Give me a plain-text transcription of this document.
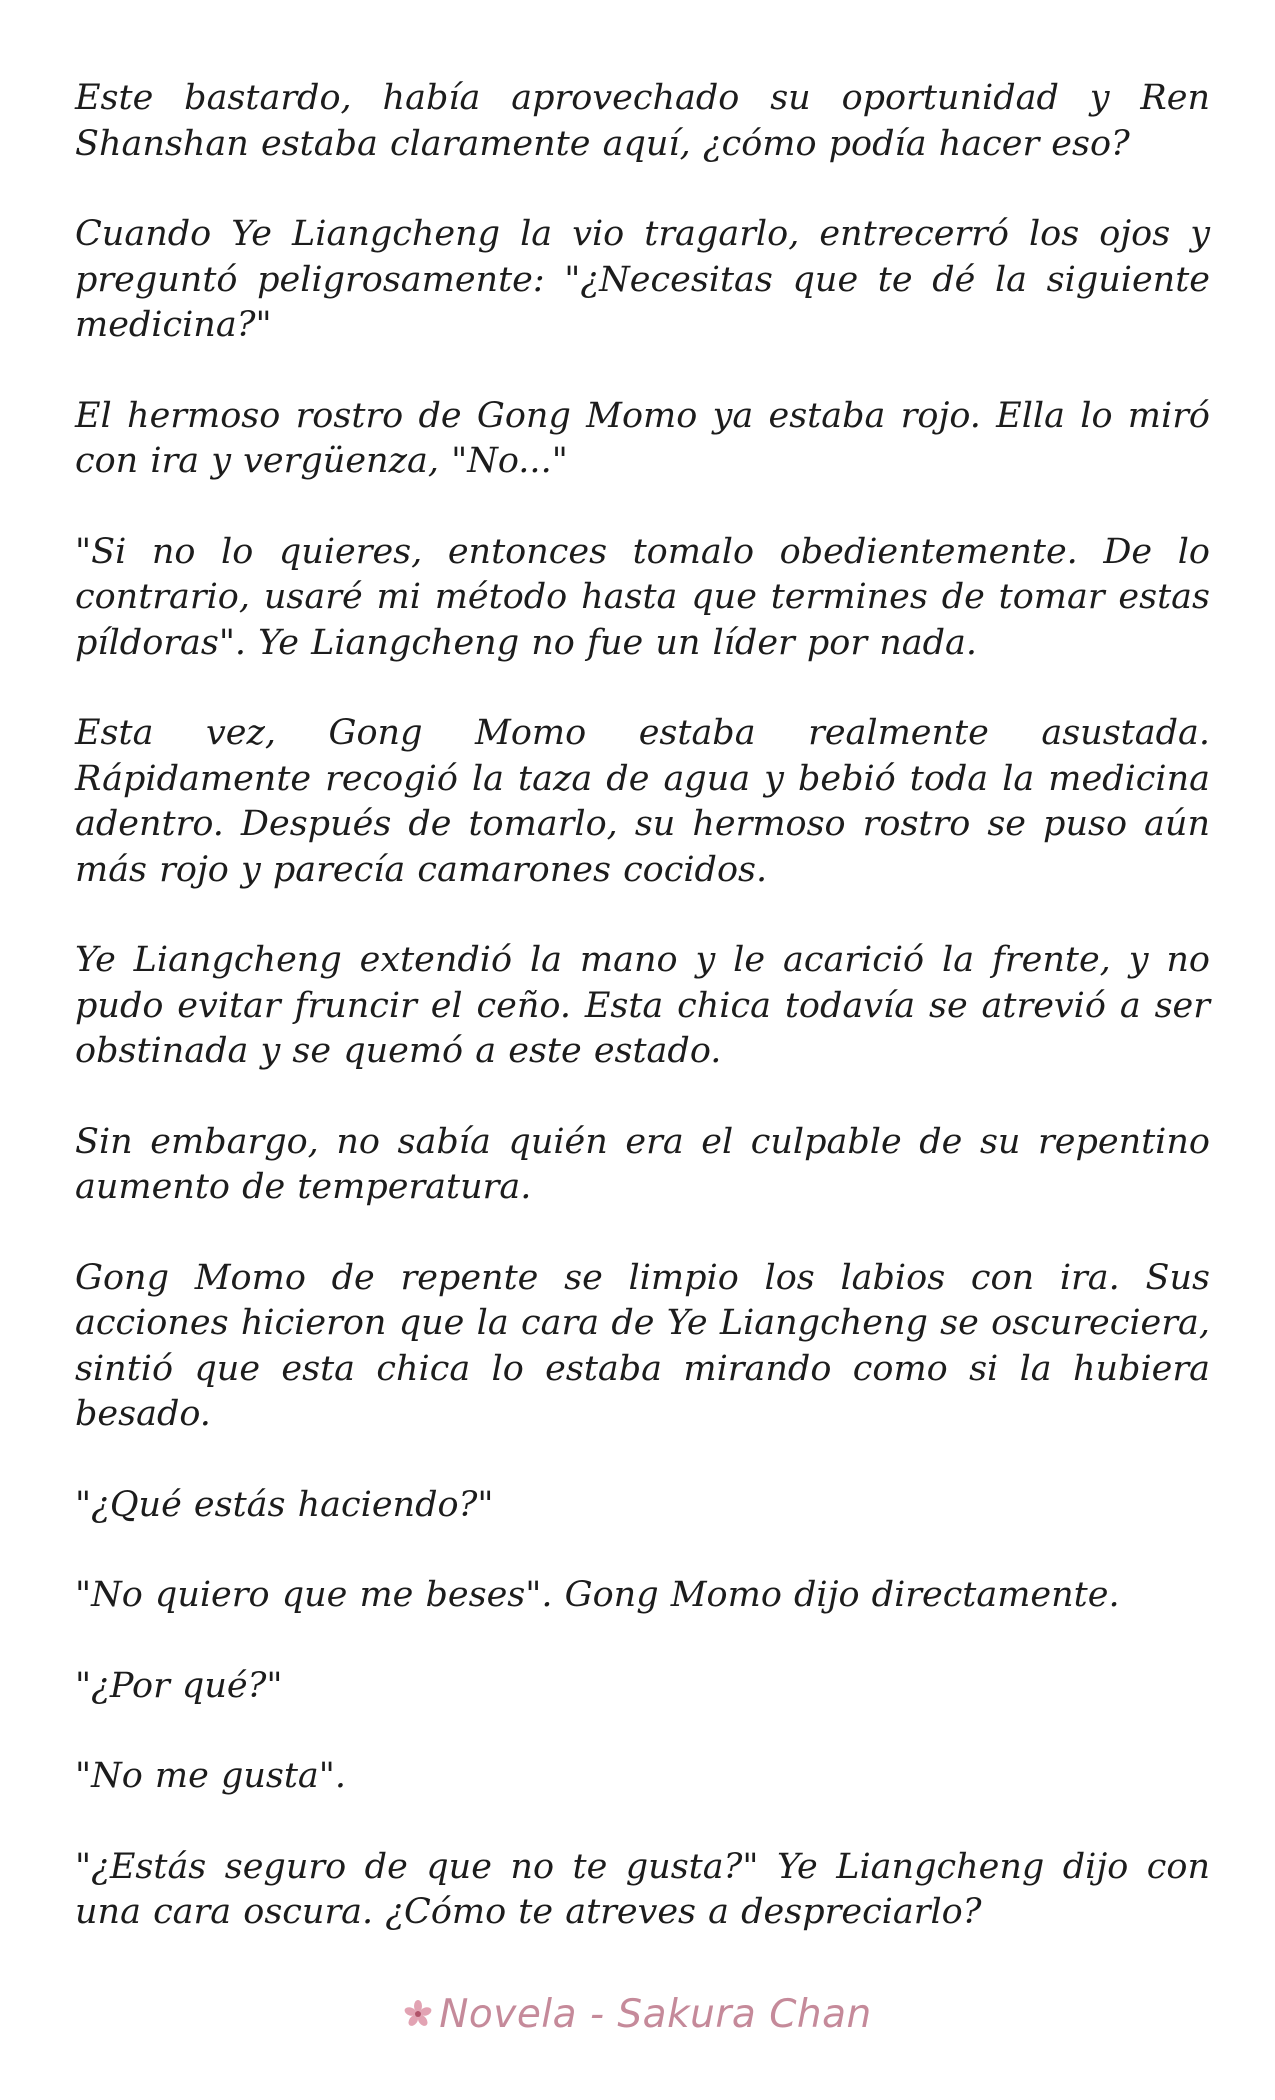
Este bastardo, había aprovechado su oportunidad y Ren Shanshan estaba claramente aquí, ¿cómo podía hacer eso?

Cuando Ye Liangcheng la vio tragarlo, entrecerró los ojos y preguntó peligrosamente: "¿Necesitas que te dé la siguiente medicina?"

El hermoso rostro de Gong Momo ya estaba rojo. Ella lo miró con ira y vergüenza, "No..."

"Si no lo quieres, entonces tomalo obedientemente. De lo contrario, usaré mi método hasta que termines de tomar estas píldoras". Ye Liangcheng no fue un líder por nada.

Esta vez, Gong Momo estaba realmente asustada. Rápidamente recogió la taza de agua y bebió toda la medicina adentro. Después de tomarlo, su hermoso rostro se puso aún más rojo y parecía camarones cocidos.

Ye Liangcheng extendió la mano y le acarició la frente, y no pudo evitar fruncir el ceño. Esta chica todavía se atrevió a ser obstinada y se quemó a este estado.

Sin embargo, no sabía quién era el culpable de su repentino aumento de temperatura.

Gong Momo de repente se limpio los labios con ira. Sus acciones hicieron que la cara de Ye Liangcheng se oscureciera, sintió que esta chica lo estaba mirando como si la hubiera besado.

"¿Qué estás haciendo?"

"No quiero que me beses". Gong Momo dijo directamente.

"¿Por qué?"

"No me gusta".

"¿Estás seguro de que no te gusta?" Ye Liangcheng dijo con una cara oscura. ¿Cómo te atreves a despreciarlo?

Novela - Sakura Chan
